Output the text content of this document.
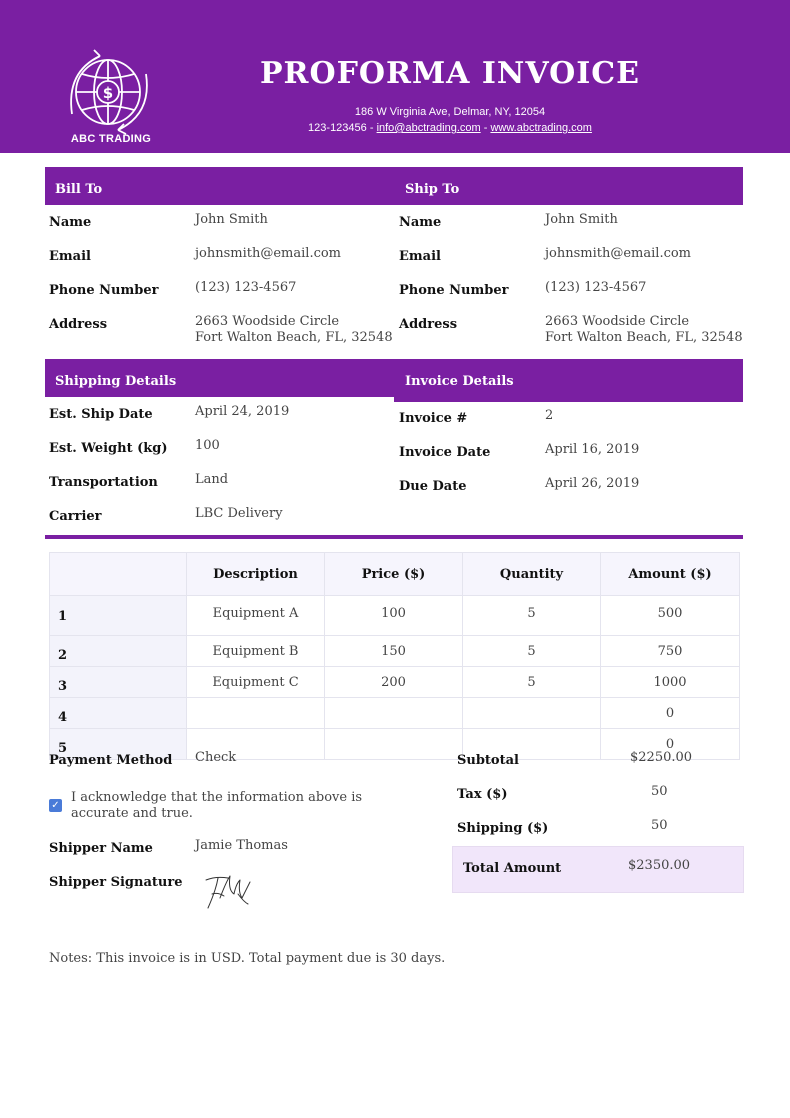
$
ABC TRADING
PROFORMA INVOICE
186 W Virginia Ave, Delmar, NY, 12054
123-123456 - info@abctrading.com - www.abctrading.com
Bill To	Ship To
Name	John Smith
Email	johnsmith@email.com
Phone Number	(123) 123-4567
Address	2663 Woodside Circle
Fort Walton Beach, FL, 32548
Name	John Smith
Email	johnsmith@email.com
Phone Number	(123) 123-4567
Address	2663 Woodside Circle
Fort Walton Beach, FL, 32548
Shipping Details	Invoice Details
Est. Ship Date	April 24, 2019
Est. Weight (kg) 100
Transportation	Land
Carrier	LBC Delivery
Invoice #	2
Invoice Date	April 16, 2019
Due Date	April 26, 2019
	Description	Price ($)	Quantity	Amount ($)
1	Equipment A	100	5	500
2	Equipment B	150	5	750
3	Equipment C	200	5	1000
4				0
5				0
Payment Method Check
✓
I acknowledge that the information above is accurate and true.
Shipper Name	Jamie Thomas
Shipper Signature
Subtotal	$2250.00
Tax ($)	50
Shipping ($)	50
Total Amount	$2350.00
Notes: This invoice is in USD. Total payment due is 30 days.
